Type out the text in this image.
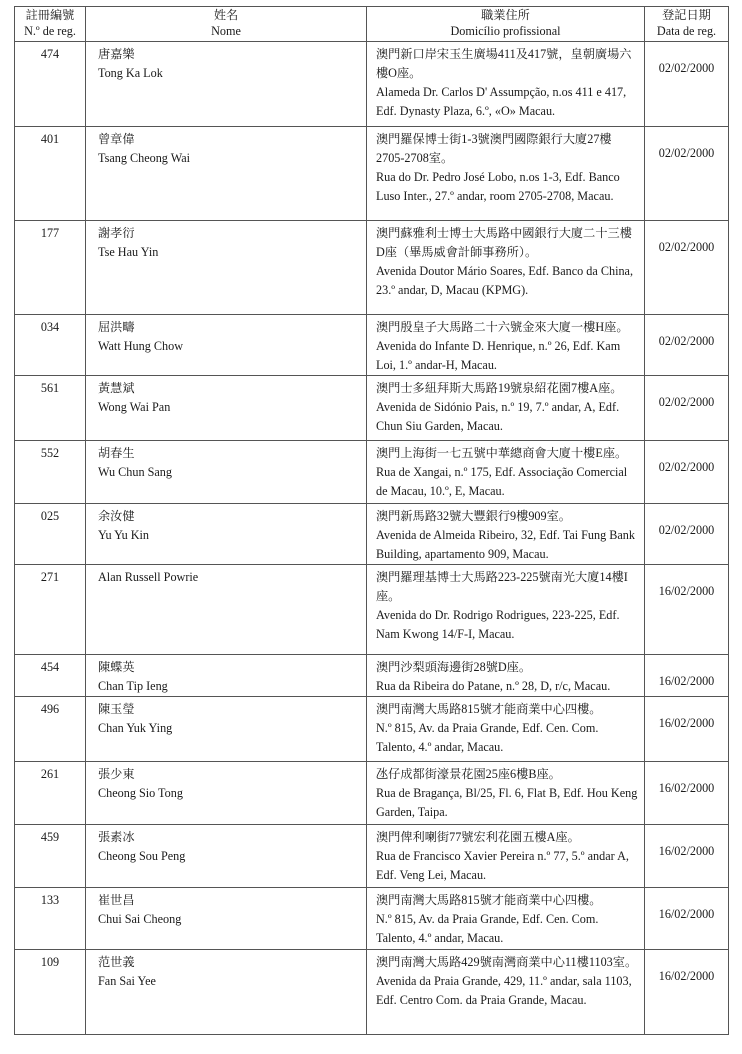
註冊編號
N.º de reg.	姓名
Nome	職業住所
Domicílio profissional	登記日期
Data de reg.

474	唐嘉樂
Tong Ka Lok	澳門新口岸宋玉生廣場411及417號，皇朝廣場六樓O座。
Alameda Dr. Carlos D' Assumpção, n.os 411 e 417, Edf. Dynasty Plaza, 6.º, «O» Macau.	02/02/2000
401	曾章偉
Tsang Cheong Wai	澳門羅保博士街1-3號澳門國際銀行大廈27樓2705-2708室。
Rua do Dr. Pedro José Lobo, n.os 1-3, Edf. Banco Luso Inter., 27.º andar, room 2705-2708, Macau.	02/02/2000
177	謝孝衍
Tse Hau Yin	澳門蘇雅利士博士大馬路中國銀行大廈二十三樓D座（畢馬威會計師事務所）。
Avenida Doutor Mário Soares, Edf. Banco da China, 23.º andar, D, Macau (KPMG).	02/02/2000
034	屈洪疇
Watt Hung Chow	澳門殷皇子大馬路二十六號金來大廈一樓H座。
Avenida do Infante D. Henrique, n.º 26, Edf. Kam Loi, 1.º andar-H, Macau.	02/02/2000
561	黃慧斌
Wong Wai Pan	澳門士多紐拜斯大馬路19號泉紹花園7樓A座。
Avenida de Sidónio Pais, n.º 19, 7.º andar, A, Edf. Chun Siu Garden, Macau.	02/02/2000
552	胡春生
Wu Chun Sang	澳門上海街一七五號中華總商會大廈十樓E座。
Rua de Xangai, n.º 175, Edf. Associação Comercial de Macau, 10.º, E, Macau.	02/02/2000
025	余汝健
Yu Yu Kin	澳門新馬路32號大豐銀行9樓909室。
Avenida de Almeida Ribeiro, 32, Edf. Tai Fung Bank Building, apartamento 909, Macau.	02/02/2000
271	Alan Russell Powrie	澳門羅理基博士大馬路223-225號南光大廈14樓I座。
Avenida do Dr. Rodrigo Rodrigues, 223-225, Edf. Nam Kwong 14/F-I, Macau.	16/02/2000
454	陳蝶英
Chan Tip Ieng	澳門沙梨頭海邊街28號D座。
Rua da Ribeira do Patane, n.º 28, D, r/c, Macau.	16/02/2000
496	陳玉瑩
Chan Yuk Ying	澳門南灣大馬路815號才能商業中心四樓。
N.º 815, Av. da Praia Grande, Edf. Cen. Com. Talento, 4.º andar, Macau.	16/02/2000
261	張少東
Cheong Sio Tong	氹仔成都街濠景花園25座6樓B座。
Rua de Bragança, Bl/25, Fl. 6, Flat B, Edf. Hou Keng Garden, Taipa.	16/02/2000
459	張素冰
Cheong Sou Peng	澳門俾利喇街77號宏利花園五樓A座。
Rua de Francisco Xavier Pereira n.º 77, 5.º andar A, Edf. Veng Lei, Macau.	16/02/2000
133	崔世昌
Chui Sai Cheong	澳門南灣大馬路815號才能商業中心四樓。
N.º 815, Av. da Praia Grande, Edf. Cen. Com. Talento, 4.º andar, Macau.	16/02/2000
109	范世義
Fan Sai Yee	澳門南灣大馬路429號南灣商業中心11樓1103室。
Avenida da Praia Grande, 429, 11.º andar, sala 1103, Edf. Centro Com. da Praia Grande, Macau.	16/02/2000
